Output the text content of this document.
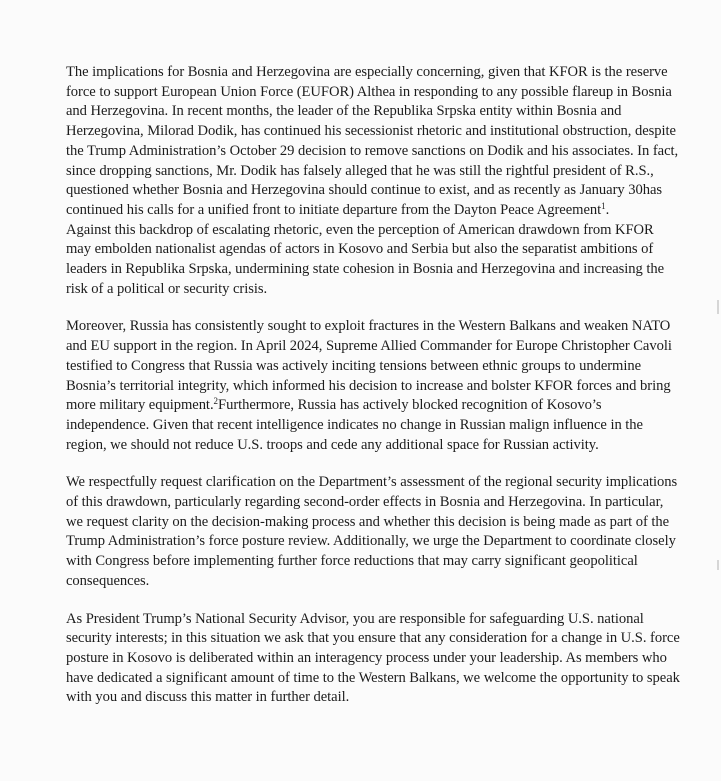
The implications for Bosnia and Herzegovina are especially concerning, given that KFOR is the reserve force to support European Union Force (EUFOR) Althea in responding to any possible flareup in Bosnia and Herzegovina. In recent months, the leader of the Republika Srpska entity within Bosnia and Herzegovina, Milorad Dodik, has continued his secessionist rhetoric and institutional obstruction, despite the Trump Administration’s October 29 decision to remove sanctions on Dodik and his associates. In fact, since dropping sanctions, Mr. Dodik has falsely alleged that he was still the rightful president of R.S., questioned whether Bosnia and Herzegovina should continue to exist, and as recently as January 30has continued his calls for a unified front to initiate departure from the Dayton Peace Agreement$^1$.

Against this backdrop of escalating rhetoric, even the perception of American drawdown from KFOR may embolden nationalist agendas of actors in Kosovo and Serbia but also the separatist ambitions of leaders in Republika Srpska, undermining state cohesion in Bosnia and Herzegovina and increasing the risk of a political or security crisis.

Moreover, Russia has consistently sought to exploit fractures in the Western Balkans and weaken NATO and EU support in the region. In April 2024, Supreme Allied Commander for Europe Christopher Cavoli testified to Congress that Russia was actively inciting tensions between ethnic groups to undermine Bosnia’s territorial integrity, which informed his decision to increase and bolster KFOR forces and bring more military equipment.$^2$Furthermore, Russia has actively blocked recognition of Kosovo’s independence. Given that recent intelligence indicates no change in Russian malign influence in the region, we should not reduce U.S. troops and cede any additional space for Russian activity.

We respectfully request clarification on the Department’s assessment of the regional security implications of this drawdown, particularly regarding second-order effects in Bosnia and Herzegovina. In particular, we request clarity on the decision-making process and whether this decision is being made as part of the Trump Administration’s force posture review. Additionally, we urge the Department to coordinate closely with Congress before implementing further force reductions that may carry significant geopolitical consequences.

As President Trump’s National Security Advisor, you are responsible for safeguarding U.S. national security interests; in this situation we ask that you ensure that any consideration for a change in U.S. force posture in Kosovo is deliberated within an interagency process under your leadership. As members who have dedicated a significant amount of time to the Western Balkans, we welcome the opportunity to speak with you and discuss this matter in further detail.
